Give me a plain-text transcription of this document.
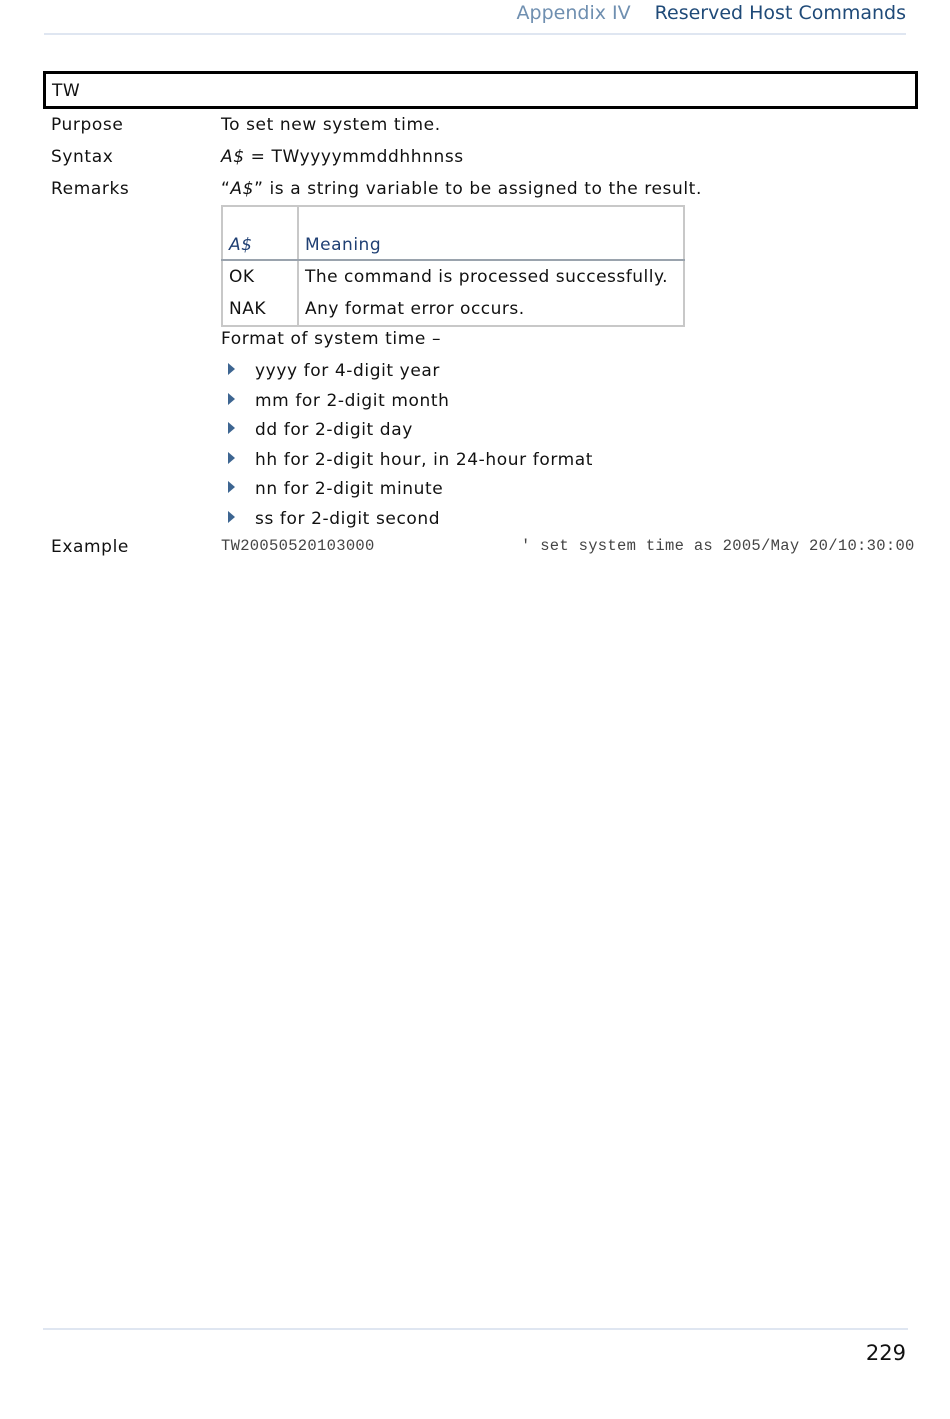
Appendix IV Reserved Host Commands
TW
Purpose	To set new system time.
Syntax	A$ = TWyyyymmddhhnnss
Remarks	“A$” is a string variable to be assigned to the result.
A$	Meaning
OK	The command is processed successfully.
NAK	Any format error occurs.
Format of system time –
yyyy for 4-digit year
mm for 2-digit month
dd for 2-digit day
hh for 2-digit hour, in 24-hour format
nn for 2-digit minute
ss for 2-digit second
Example	TW20050520103000	' set system time as 2005/May 20/10:30:00
229
